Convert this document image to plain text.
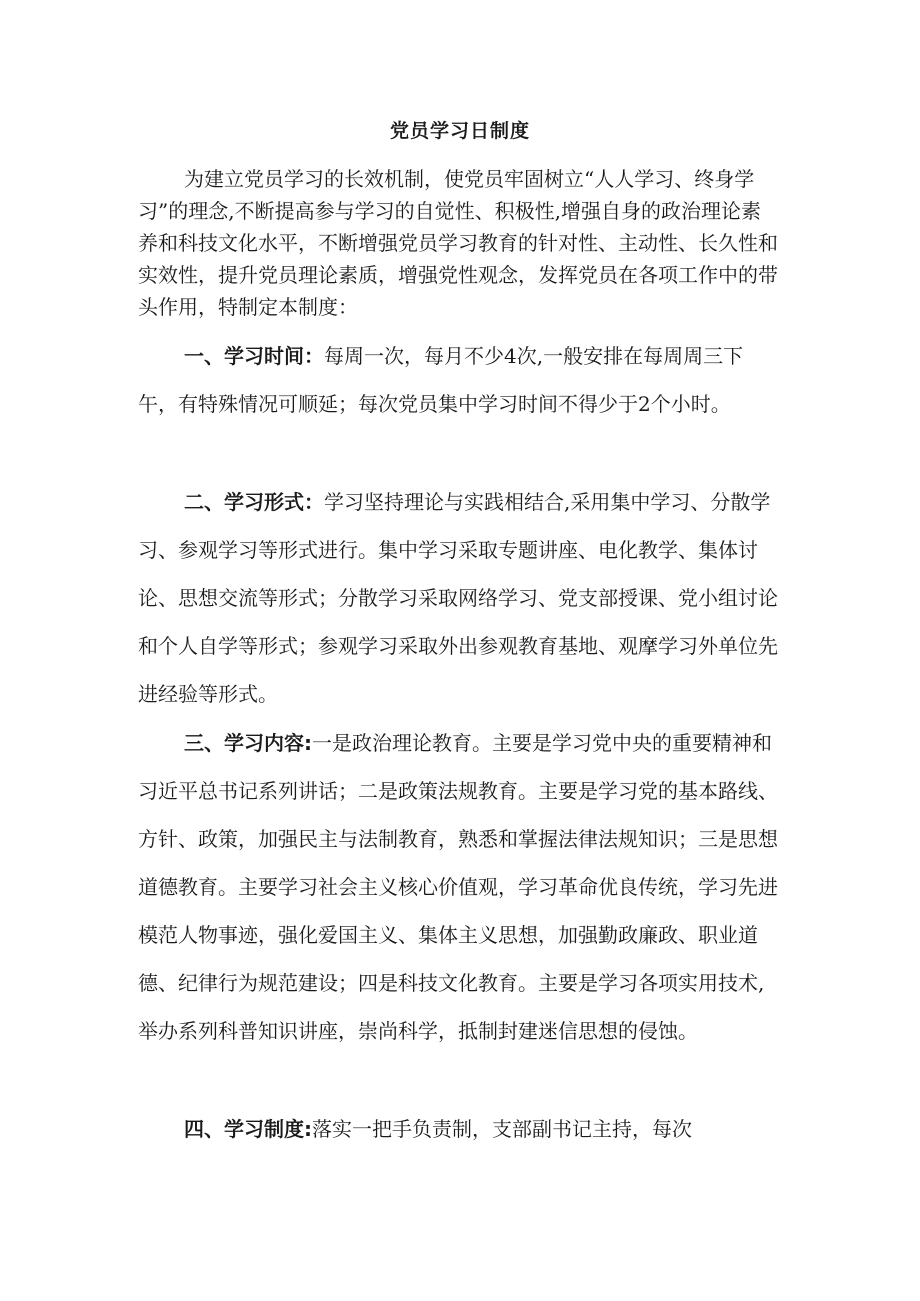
党员学习日制度

为建立党员学习的长效机制，使党员牢固树立“人人学习、终身学习”的理念,不断提高参与学习的自觉性、积极性,增强自身的政治理论素养和科技文化水平，不断增强党员学习教育的针对性、主动性、长久性和实效性，提升党员理论素质，增强党性观念，发挥党员在各项工作中的带头作用，特制定本制度：

一、学习时间：每周一次，每月不少4次,一般安排在每周周三下午，有特殊情况可顺延；每次党员集中学习时间不得少于2个小时。

二、学习形式：学习坚持理论与实践相结合,采用集中学习、分散学习、参观学习等形式进行。集中学习采取专题讲座、电化教学、集体讨论、思想交流等形式；分散学习采取网络学习、党支部授课、党小组讨论和个人自学等形式；参观学习采取外出参观教育基地、观摩学习外单位先进经验等形式。

三、学习内容:一是政治理论教育。主要是学习党中央的重要精神和习近平总书记系列讲话；二是政策法规教育。主要是学习党的基本路线、方针、政策，加强民主与法制教育，熟悉和掌握法律法规知识；三是思想道德教育。主要学习社会主义核心价值观，学习革命优良传统，学习先进模范人物事迹，强化爱国主义、集体主义思想，加强勤政廉政、职业道德、纪律行为规范建设；四是科技文化教育。主要是学习各项实用技术,举办系列科普知识讲座，崇尚科学，抵制封建迷信思想的侵蚀。

四、学习制度:落实一把手负责制，支部副书记主持，每次
